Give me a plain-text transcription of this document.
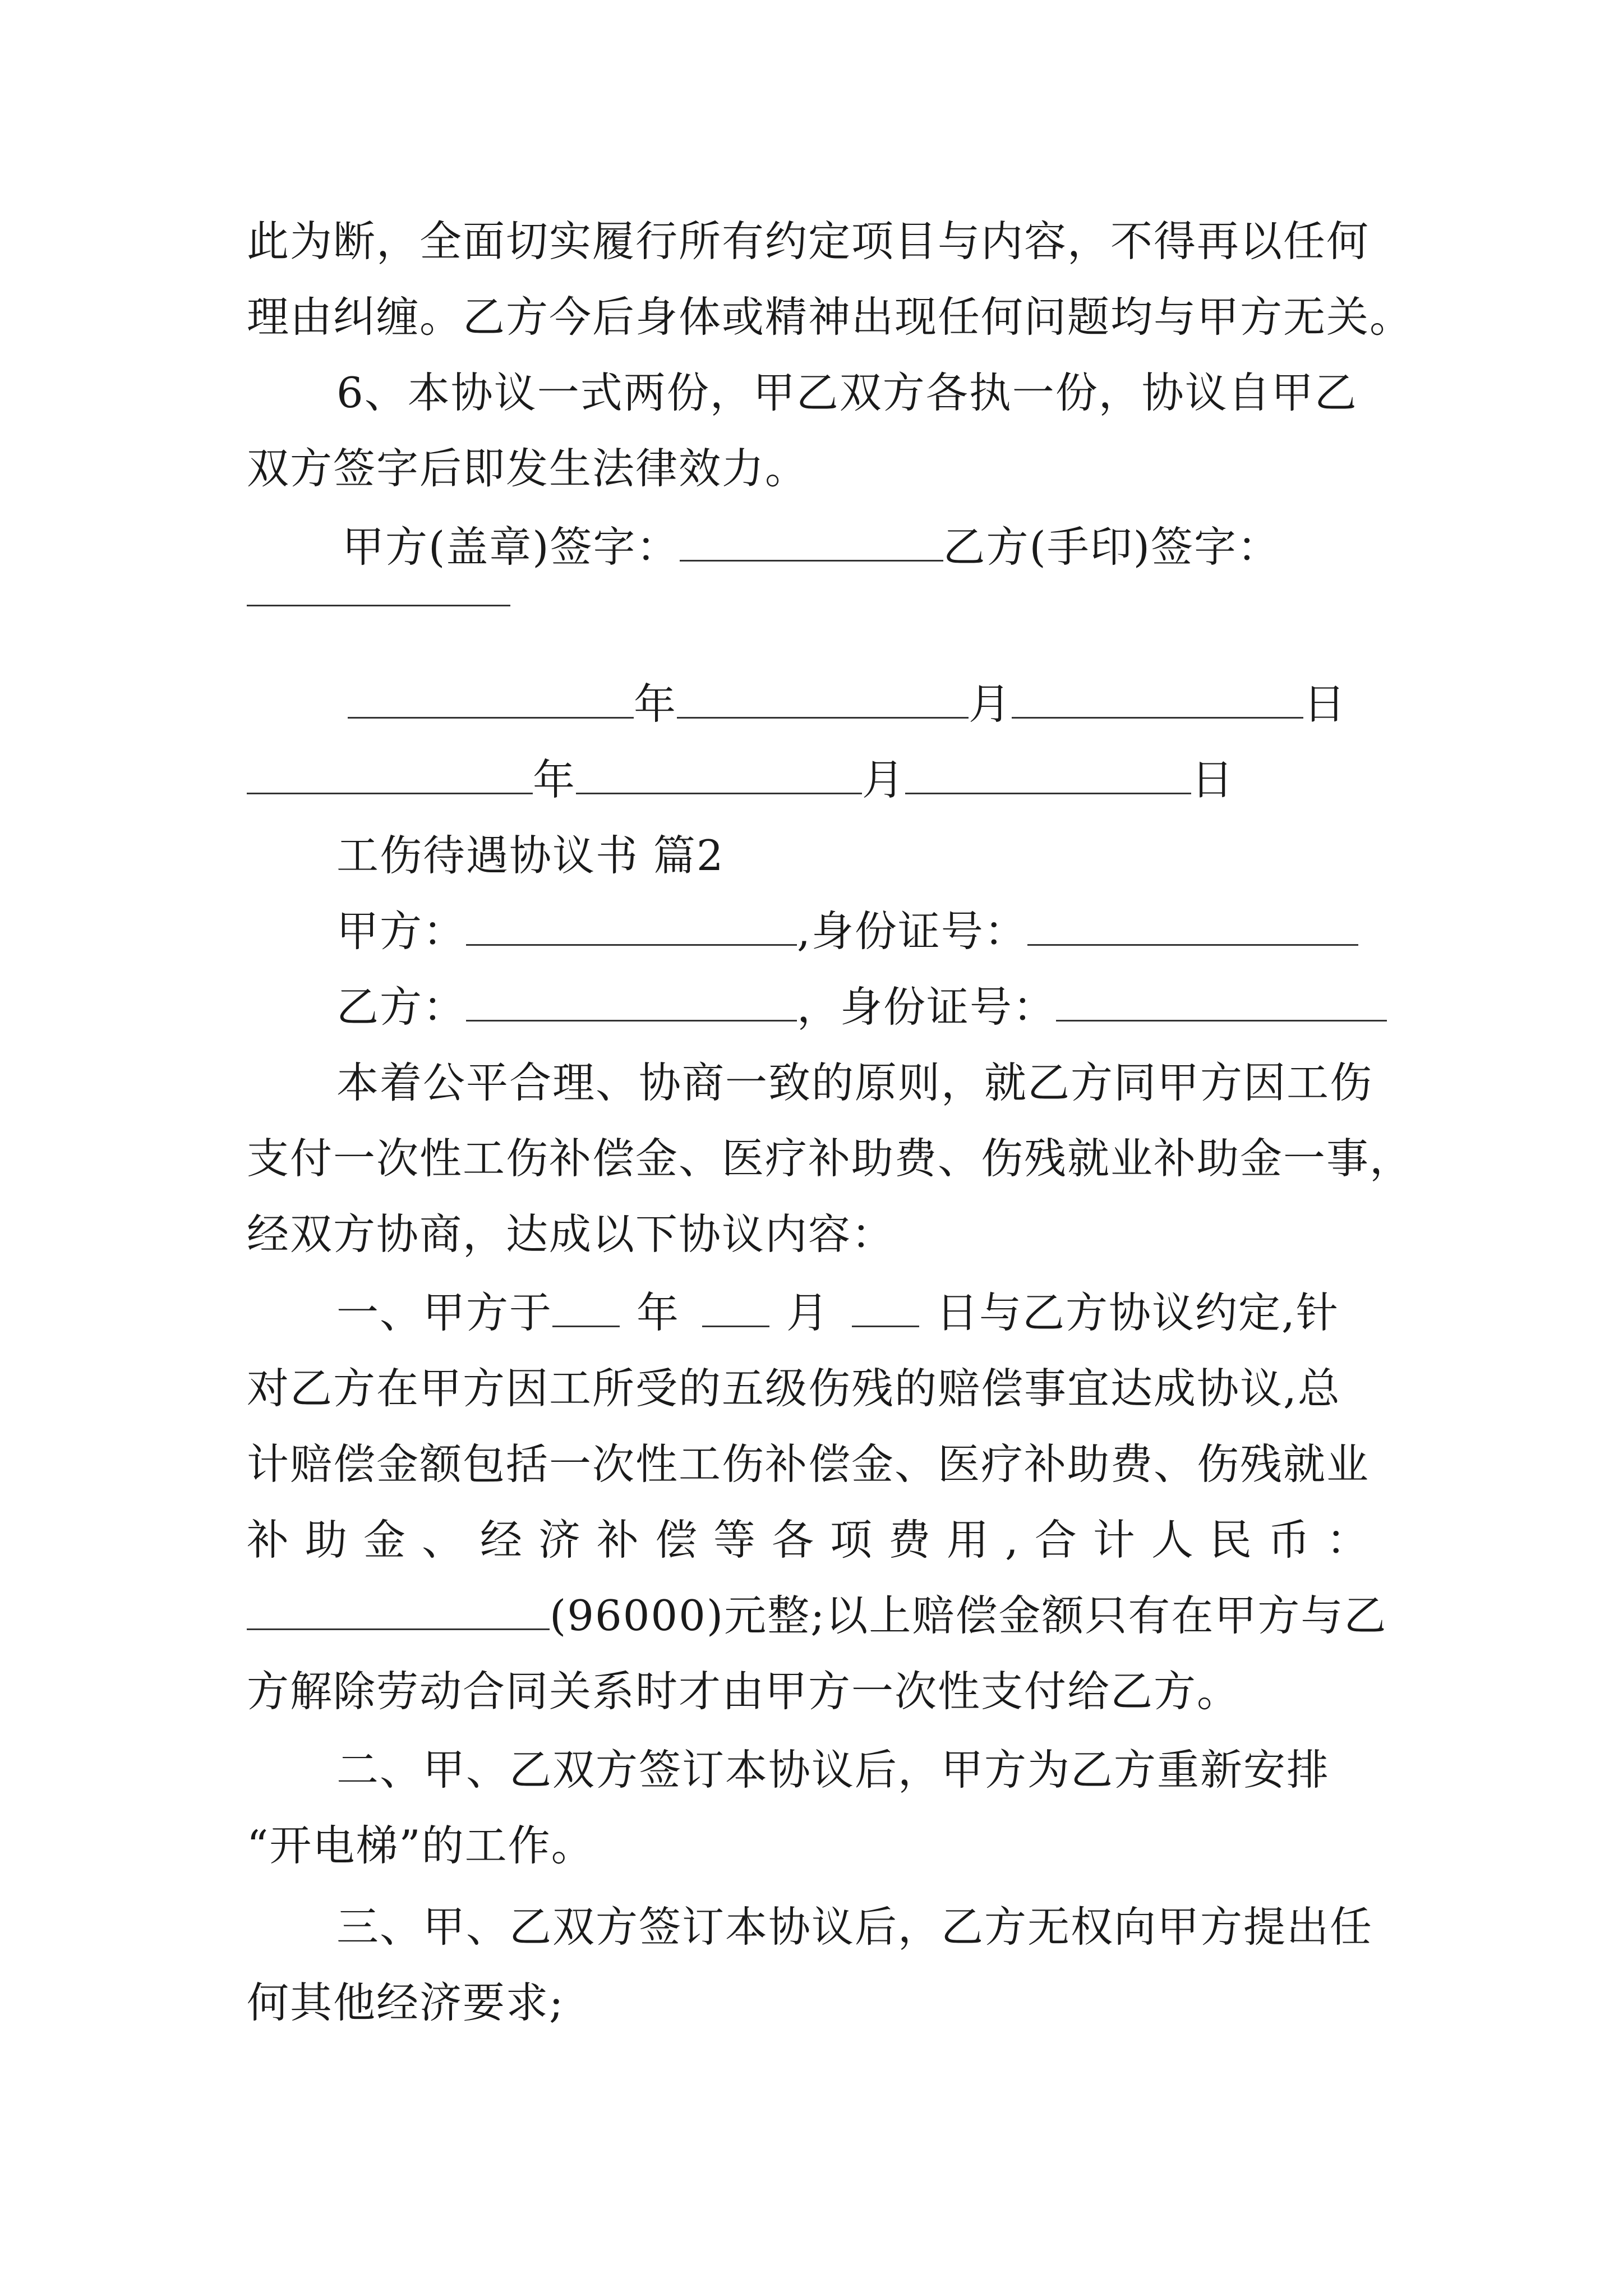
此为断，全面切实履行所有约定项目与内容，不得再以任何
理由纠缠。乙方今后身体或精神出现任何问题均与甲方无关。
6、本协议一式两份，甲乙双方各执一份，协议自甲乙
双方签字后即发生法律效力。
甲方(盖章)签字：	乙方(手印)签字：
年	月	日
年	月	日
工伤待遇协议书 篇2
甲方：	,身份证号：
乙方：	，身份证号：
本着公平合理、协商一致的原则，就乙方同甲方因工伤
支付一次性工伤补偿金、医疗补助费、伤残就业补助金一事，
经双方协商，达成以下协议内容：
一、甲方于 年	月	日与乙方协议约定,针
对乙方在甲方因工所受的五级伤残的赔偿事宜达成协议,总
计赔偿金额包括一次性工伤补偿金、医疗补助费、伤残就业
补 助 金 、 经 济 补 偿 等 各 项 费 用 , 合 计 人 民 币 ：
(96000)元整;以上赔偿金额只有在甲方与乙
方解除劳动合同关系时才由甲方一次性支付给乙方。
二、甲、乙双方签订本协议后，甲方为乙方重新安排
“开电梯”的工作。
三、甲、乙双方签订本协议后，乙方无权向甲方提出任
何其他经济要求;
